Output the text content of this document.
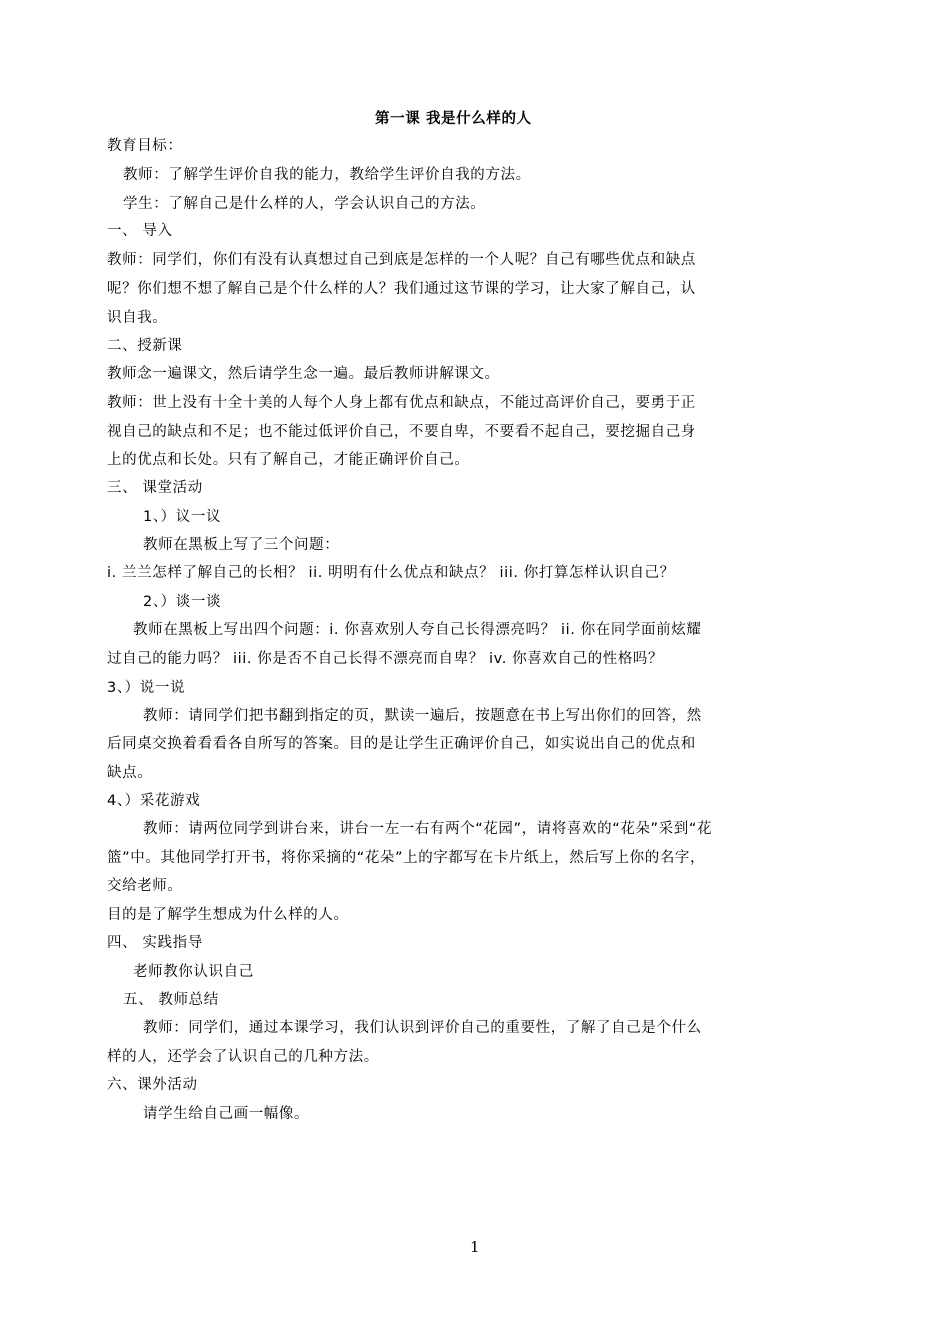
第一课 我是什么样的人
教育目标：
教师：了解学生评价自我的能力，教给学生评价自我的方法。
学生：了解自己是什么样的人，学会认识自己的方法。
一、 导入
教师：同学们，你们有没有认真想过自己到底是怎样的一个人呢？自己有哪些优点和缺点
呢？你们想不想了解自己是个什么样的人？我们通过这节课的学习，让大家了解自己，认
识自我。
二、授新课
教师念一遍课文，然后请学生念一遍。最后教师讲解课文。
教师：世上没有十全十美的人每个人身上都有优点和缺点，不能过高评价自己，要勇于正
视自己的缺点和不足；也不能过低评价自己，不要自卑，不要看不起自己，要挖掘自己身
上的优点和长处。只有了解自己，才能正确评价自己。
三、 课堂活动
1、）议一议
教师在黑板上写了三个问题：
i. 兰兰怎样了解自己的长相？ ii. 明明有什么优点和缺点？ iii. 你打算怎样认识自己？
2、）谈一谈
教师在黑板上写出四个问题：i. 你喜欢别人夸自己长得漂亮吗？ ii. 你在同学面前炫耀
过自己的能力吗？ iii. 你是否不自己长得不漂亮而自卑？ iv. 你喜欢自己的性格吗？
3、）说一说
教师：请同学们把书翻到指定的页，默读一遍后，按题意在书上写出你们的回答，然
后同桌交换着看看各自所写的答案。目的是让学生正确评价自己，如实说出自己的优点和
缺点。
4、）采花游戏
教师：请两位同学到讲台来，讲台一左一右有两个“花园”，请将喜欢的“花朵”采到“花
篮”中。其他同学打开书，将你采摘的“花朵”上的字都写在卡片纸上，然后写上你的名字，
交给老师。
目的是了解学生想成为什么样的人。
四、 实践指导
老师教你认识自己
五、 教师总结
教师：同学们，通过本课学习，我们认识到评价自己的重要性，了解了自己是个什么
样的人，还学会了认识自己的几种方法。
六、课外活动
请学生给自己画一幅像。
1
